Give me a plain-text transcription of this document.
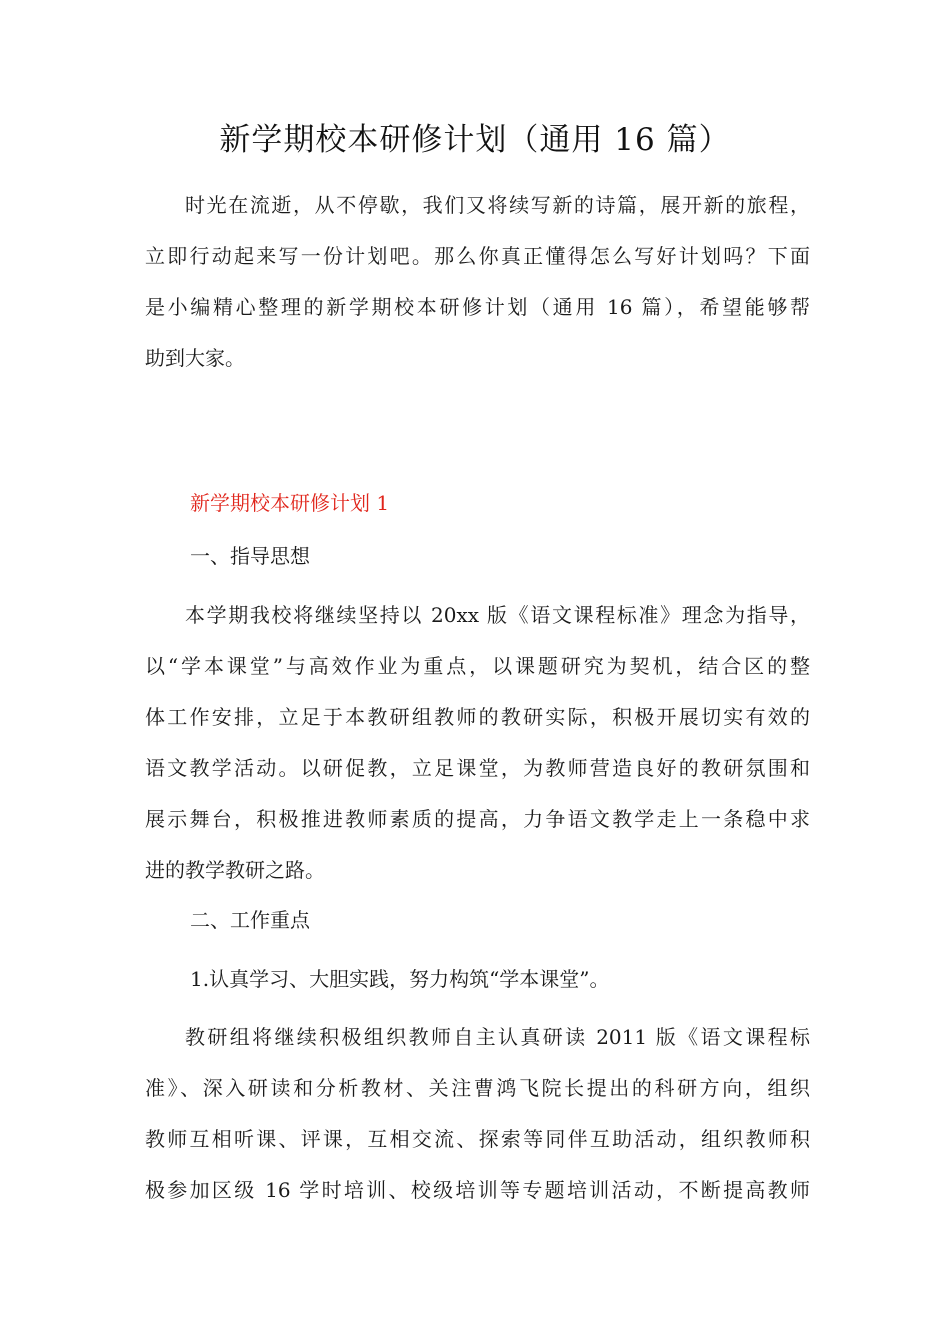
新学期校本研修计划（通用 16 篇）
时光在流逝，从不停歇，我们又将续写新的诗篇，展开新的旅程，
立即行动起来写一份计划吧。那么你真正懂得怎么写好计划吗？下面
是小编精心整理的新学期校本研修计划（通用 16 篇），希望能够帮
助到大家。
新学期校本研修计划 1
一、指导思想
本学期我校将继续坚持以 20xx 版《语文课程标准》理念为指导，
以“学本课堂”与高效作业为重点，以课题研究为契机，结合区的整
体工作安排，立足于本教研组教师的教研实际，积极开展切实有效的
语文教学活动。以研促教，立足课堂，为教师营造良好的教研氛围和
展示舞台，积极推进教师素质的提高，力争语文教学走上一条稳中求
进的教学教研之路。
二、工作重点

1.认真学习、大胆实践，努力构筑“学本课堂”。

教研组将继续积极组织教师自主认真研读 2011 版《语文课程标
准》、深入研读和分析教材、关注曹鸿飞院长提出的科研方向，组织
教师互相听课、评课，互相交流、探索等同伴互助活动，组织教师积
极参加区级 16 学时培训、校级培训等专题培训活动，不断提高教师
